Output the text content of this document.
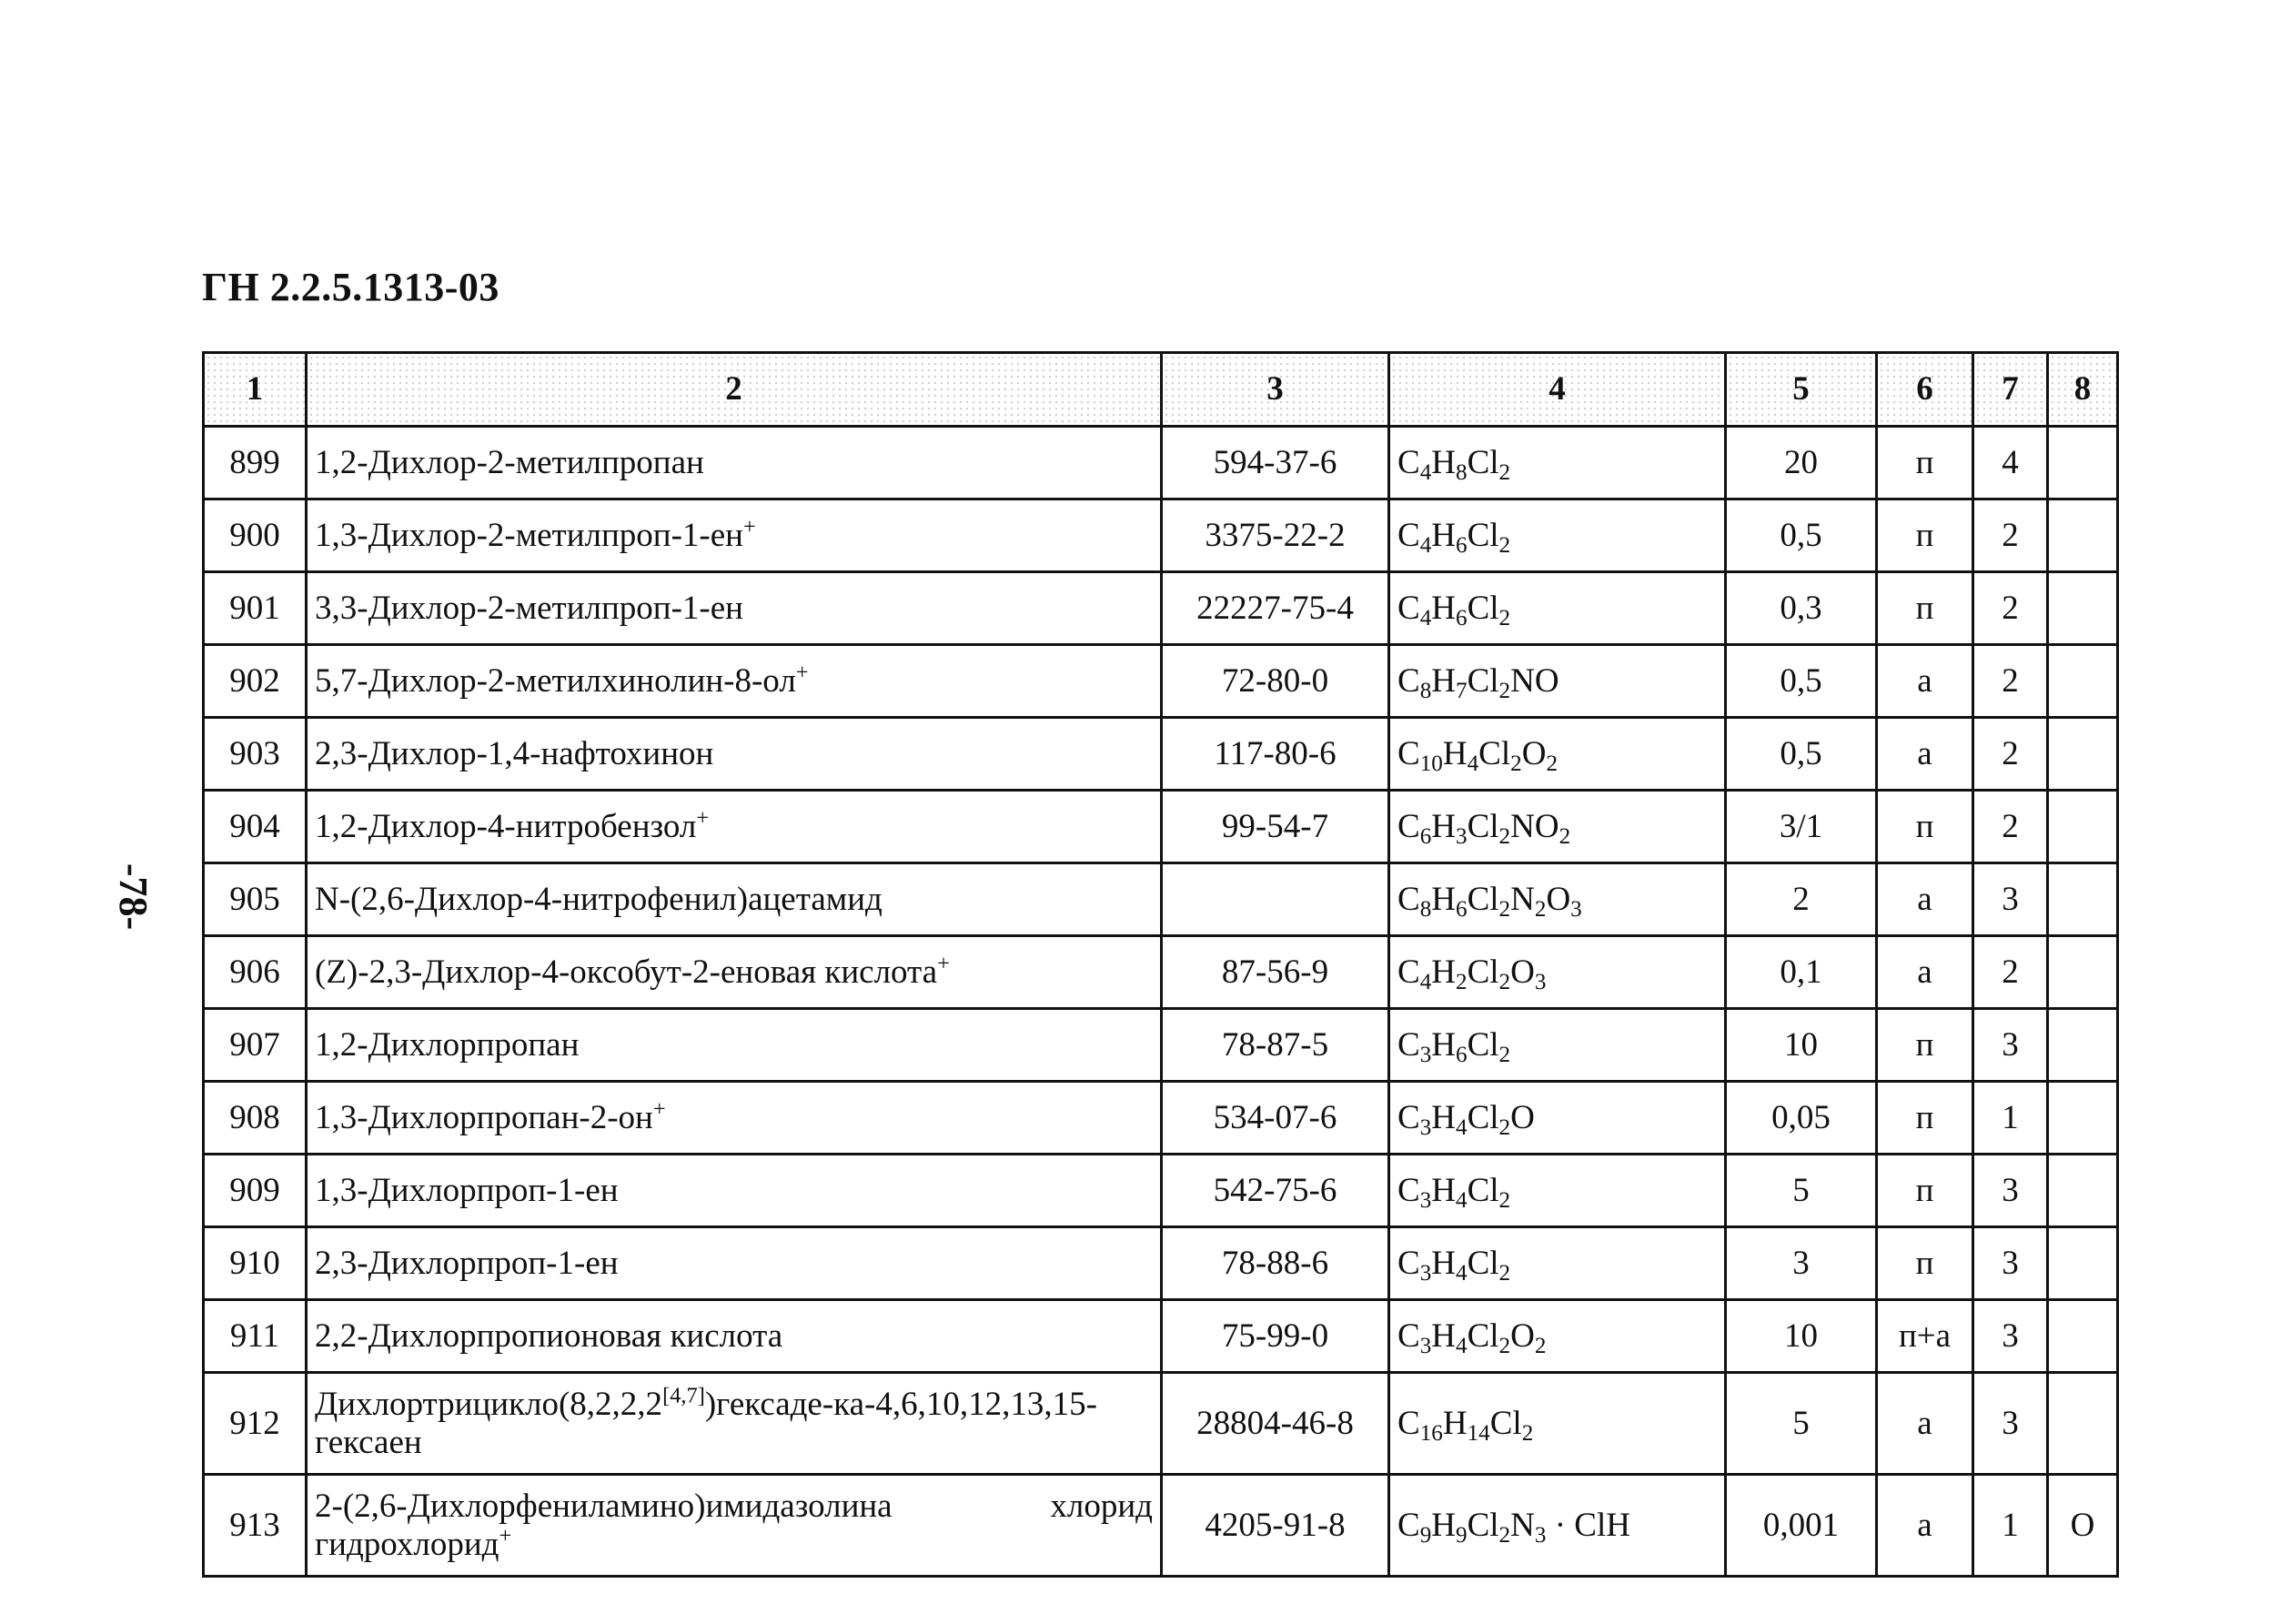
ГН 2.2.5.1313-03
-78-
1	2	3	4	5	6	7	8
899	1,2-Дихлор-2-метилпропан	594-37-6	$C_4H_8Cl_2$	20	п	4	
900	1,3-Дихлор-2-метилпроп-1-ен+	3375-22-2	$C_4H_6Cl_2$	0,5	п	2	
901	3,3-Дихлор-2-метилпроп-1-ен	22227-75-4	$C_4H_6Cl_2$	0,3	п	2	
902	5,7-Дихлор-2-метилхинолин-8-ол+	72-80-0	$C_8H_7Cl_2NO$	0,5	а	2	
903	2,3-Дихлор-1,4-нафтохинон	117-80-6	$C_{10}H_4Cl_2O_2$	0,5	а	2	
904	1,2-Дихлор-4-нитробензол+	99-54-7	$C_6H_3Cl_2NO_2$	3/1	п	2	
905	N-(2,6-Дихлор-4-нитрофенил)ацетамид		$C_8H_6Cl_2N_2O_3$	2	а	3	
906	(Z)-2,3-Дихлор-4-оксобут-2-еновая кислота+	87-56-9	$C_4H_2Cl_2O_3$	0,1	а	2	
907	1,2-Дихлорпропан	78-87-5	$C_3H_6Cl_2$	10	п	3	
908	1,3-Дихлорпропан-2-он+	534-07-6	$C_3H_4Cl_2O$	0,05	п	1	
909	1,3-Дихлорпроп-1-ен	542-75-6	$C_3H_4Cl_2$	5	п	3	
910	2,3-Дихлорпроп-1-ен	78-88-6	$C_3H_4Cl_2$	3	п	3	
911	2,2-Дихлорпропионовая кислота	75-99-0	$C_3H_4Cl_2O_2$	10	п+а	3	
912	Дихлортрицикло(8,2,2,2[4,7])гексаде-ка-4,6,10,12,13,15-гексаен	28804-46-8	$C_{16}H_{14}Cl_2$	5	а	3	
913	2-(2,6-Дихлорфениламино)имидазолина хлорид гидрохлорид+	4205-91-8	$C_9H_9Cl_2N_3$ · ClH	0,001	а	1	О
